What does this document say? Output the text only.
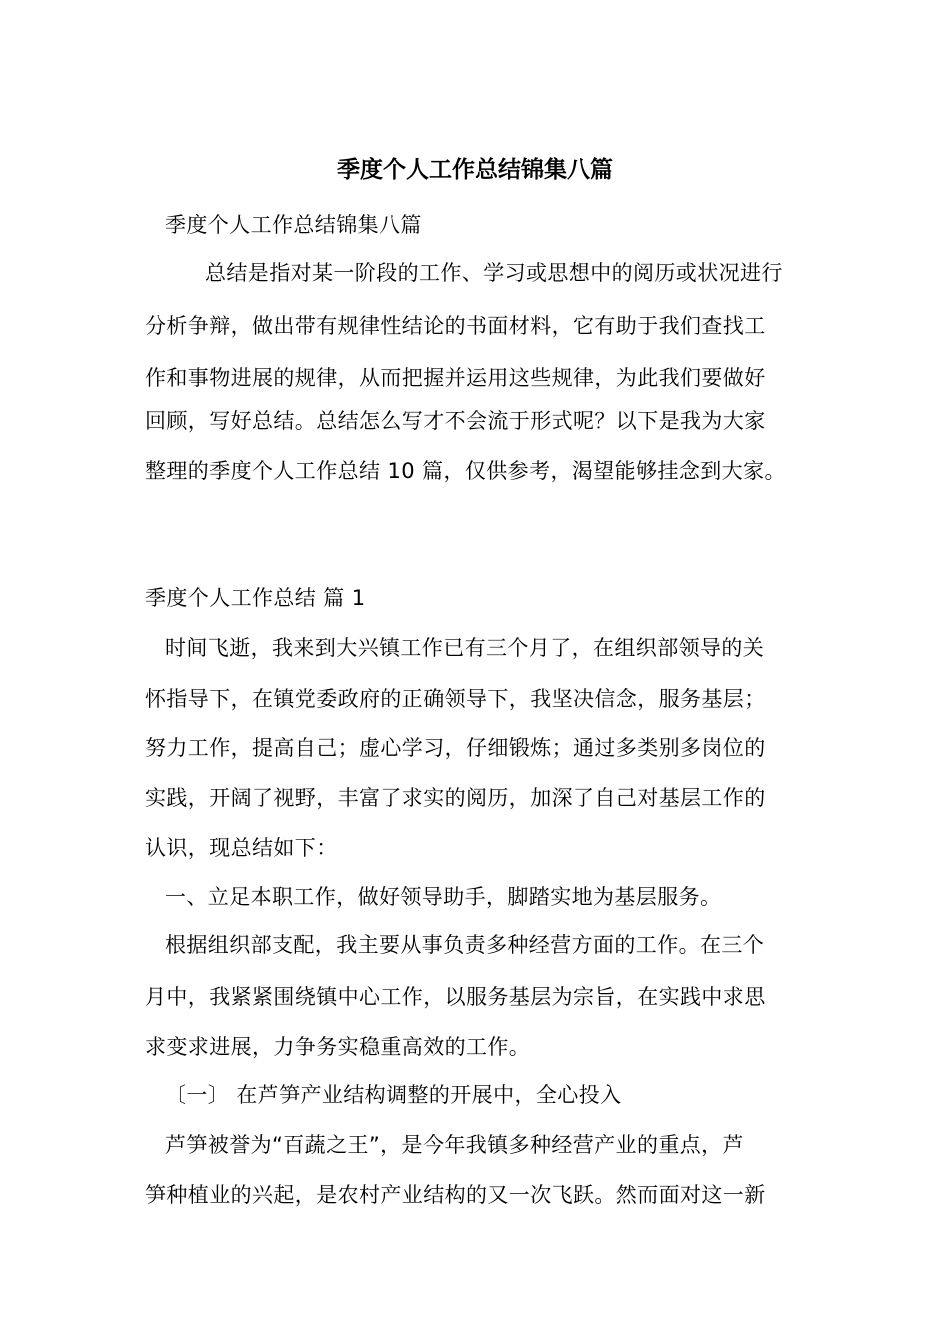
季度个人工作总结锦集八篇
季度个人工作总结锦集八篇
总结是指对某一阶段的工作、学习或思想中的阅历或状况进行
分析争辩，做出带有规律性结论的书面材料，它有助于我们查找工
作和事物进展的规律，从而把握并运用这些规律，为此我们要做好
回顾，写好总结。总结怎么写才不会流于形式呢？以下是我为大家
整理的季度个人工作总结 10 篇，仅供参考，渴望能够挂念到大家。
季度个人工作总结 篇 1
时间飞逝，我来到大兴镇工作已有三个月了，在组织部领导的关
怀指导下，在镇党委政府的正确领导下，我坚决信念，服务基层；
努力工作，提高自己；虚心学习，仔细锻炼；通过多类别多岗位的
实践，开阔了视野，丰富了求实的阅历，加深了自己对基层工作的
认识，现总结如下：
一、立足本职工作，做好领导助手，脚踏实地为基层服务。
根据组织部支配，我主要从事负责多种经营方面的工作。在三个
月中，我紧紧围绕镇中心工作，以服务基层为宗旨，在实践中求思
求变求进展，力争务实稳重高效的工作。
〔一〕 在芦笋产业结构调整的开展中，全心投入
芦笋被誉为“百蔬之王”，是今年我镇多种经营产业的重点，芦
笋种植业的兴起，是农村产业结构的又一次飞跃。然而面对这一新
